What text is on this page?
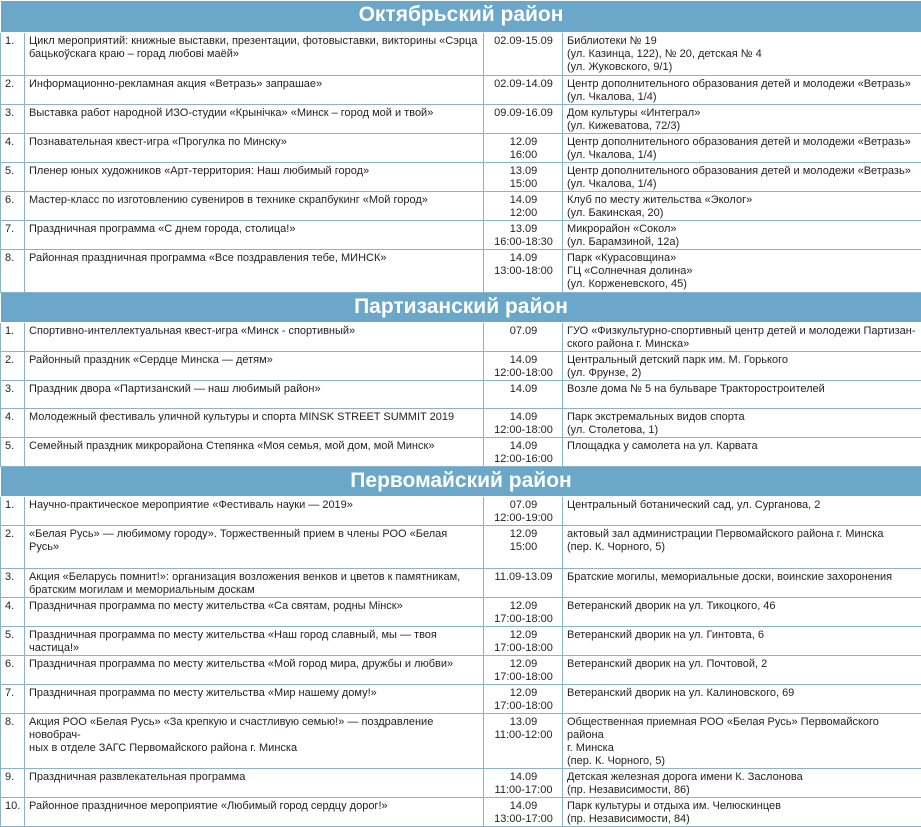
Октябрьский район			
1.	Цикл мероприятий: книжные выставки, презентации, фотовыставки, викторины «Сэрца
бацькоўскага краю – горад любові маёй»	02.09-15.09	Библиотеки № 19
(ул. Казинца, 122), № 20, детская № 4
(ул. Жуковского, 9/1)
2.	Информационно-рекламная акция «Ветразь» запрашае»	02.09-14.09	Центр дополнительного образования детей и молодежи «Ветразь»
(ул. Чкалова, 1/4)
3.	Выставка работ народной ИЗО-студии «Крынічка» «Минск – город мой и твой»	09.09-16.09	Дом культуры «Интеграл»
(ул. Кижеватова, 72/3)
4.	Познавательная квест-игра «Прогулка по Минску»	12.09
16:00	Центр дополнительного образования детей и молодежи «Ветразь»
(ул. Чкалова, 1/4)
5.	Пленер юных художников «Арт-территория: Наш любимый город»	13.09
15:00	Центр дополнительного образования детей и молодежи «Ветразь»
(ул. Чкалова, 1/4)
6.	Мастер-класс по изготовлению сувениров в технике скрапбукинг «Мой город»	14.09
12:00	Клуб по месту жительства «Эколог»
(ул. Бакинская, 20)
7.	Праздничная программа «С днем города, столица!»	13.09
16:00-18:30	Микрорайон «Сокол»
(ул. Барамзиной, 12а)
8.	Районная праздничная программа «Все поздравления тебе, МИНСК»	14.09
13:00-18:00	Парк «Курасовщина»
ГЦ «Солнечная долина»
(ул. Корженевского, 45)
Партизанский район			
1.	Спортивно-интеллектуальная квест-игра «Минск - спортивный»	07.09	ГУО «Физкультурно-спортивный центр детей и молодежи Партизан-
ского района г. Минска»
2.	Районный праздник «Сердце Минска — детям»	14.09
12:00-18:00	Центральный детский парк им. М. Горького
(ул. Фрунзе, 2)
3.	Праздник двора «Партизанский — наш любимый район»	14.09	Возле дома № 5 на бульваре Тракторостроителей
4.	Молодежный фестиваль уличной культуры и спорта MINSK STREET SUMMIT 2019	14.09
12:00-18:00	Парк экстремальных видов спорта
(ул. Столетова, 1)
5.	Семейный праздник микрорайона Степянка «Моя семья, мой дом, мой Минск»	14.09
12:00-16:00	Площадка у самолета на ул. Карвата
Первомайский район			
1.	Научно-практическое мероприятие «Фестиваль науки — 2019»	07.09
12:00-19:00	Центральный ботанический сад, ул. Сурганова, 2
2.	«Белая Русь» — любимому городу». Торжественный прием в члены РОО «Белая Русь»	12.09
15:00	актовый зал администрации Первомайского района г. Минска
(пер. К. Чорного, 5)
3.	Акция «Беларусь помнит!»: организация возложения венков и цветов к памятникам,
братским могилам и мемориальным доскам	11.09-13.09	Братские могилы, мемориальные доски, воинские захоронения
4.	Праздничная программа по месту жительства «Са святам, родны Мінск»	12.09
17:00-18:00	Ветеранский дворик на ул. Тикоцкого, 46
5.	Праздничная программа по месту жительства «Наш город славный, мы — твоя
частица!»	12.09
17:00-18:00	Ветеранский дворик на ул. Гинтовта, 6
6.	Праздничная программа по месту жительства «Мой город мира, дружбы и любви»	12.09
17:00-18:00	Ветеранский дворик на ул. Почтовой, 2
7.	Праздничная программа по месту жительства «Мир нашему дому!»	12.09
17:00-18:00	Ветеранский дворик на ул. Калиновского, 69
8.	Акция РОО «Белая Русь» «За крепкую и счастливую семью!» — поздравление новобрач-
ных в отделе ЗАГС Первомайского района г. Минска	13.09
11:00-12:00	Общественная приемная РОО «Белая Русь» Первомайского района
г. Минска
(пер. К. Чорного, 5)
9.	Праздничная развлекательная программа	14.09
11:00-17:00	Детская железная дорога имени К. Заслонова
(пр. Независимости, 86)
10.	Районное праздничное мероприятие «Любимый город сердцу дорог!»	14.09
13:00-17:00	Парк культуры и отдыха им. Челюскинцев
(пр. Независимости, 84)
